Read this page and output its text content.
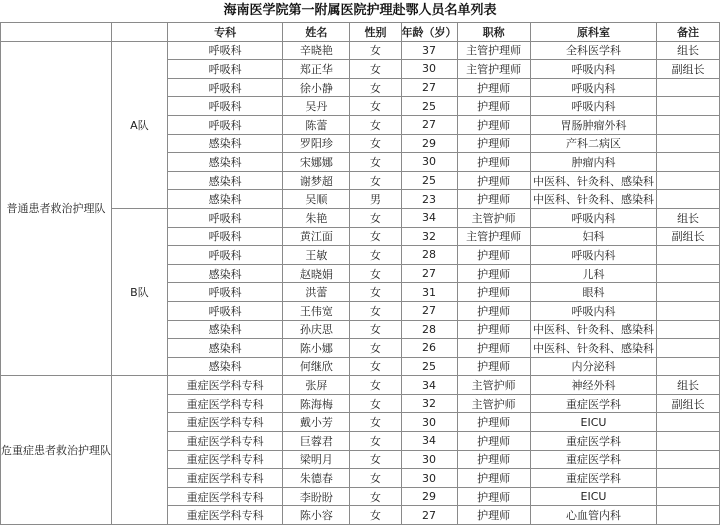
海南医学院第一附属医院护理赴鄂人员名单列表
		专科	姓名	性别	年龄（岁）	职称	原科室	备注
普通患者救治护理队	A队	呼吸科	辛晓艳	女	37	主管护理师	全科医学科	组长
		呼吸科	郑正华	女	30	主管护理师	呼吸内科	副组长
		呼吸科	徐小静	女	27	护理师	呼吸内科	
		呼吸科	吴丹	女	25	护理师	呼吸内科	
		呼吸科	陈蕾	女	27	护理师	胃肠肿瘤外科	
		感染科	罗阳珍	女	29	护理师	产科二病区	
		感染科	宋娜娜	女	30	护理师	肿瘤内科	
		感染科	谢梦超	女	25	护理师	中医科、针灸科、感染科	
		感染科	吴顺	男	23	护理师	中医科、针灸科、感染科	
	B队	呼吸科	朱艳	女	34	主管护师	呼吸内科	组长
		呼吸科	黄江面	女	32	主管护理师	妇科	副组长
		呼吸科	王敏	女	28	护理师	呼吸内科	
		感染科	赵晓娟	女	27	护理师	儿科	
		呼吸科	洪蕾	女	31	护理师	眼科	
		呼吸科	王伟宽	女	27	护理师	呼吸内科	
		感染科	孙庆思	女	28	护理师	中医科、针灸科、感染科	
		感染科	陈小娜	女	26	护理师	中医科、针灸科、感染科	
		感染科	何继欣	女	25	护理师	内分泌科	
危重症患者救治护理队		重症医学科专科	张屏	女	34	主管护师	神经外科	组长
		重症医学科专科	陈海梅	女	32	主管护师	重症医学科	副组长
		重症医学科专科	戴小芳	女	30	护理师	EICU	
		重症医学科专科	巨蓉君	女	34	护理师	重症医学科	
		重症医学科专科	梁明月	女	30	护理师	重症医学科	
		重症医学科专科	朱德春	女	30	护理师	重症医学科	
		重症医学科专科	李盼盼	女	29	护理师	EICU	
		重症医学科专科	陈小容	女	27	护理师	心血管内科	
